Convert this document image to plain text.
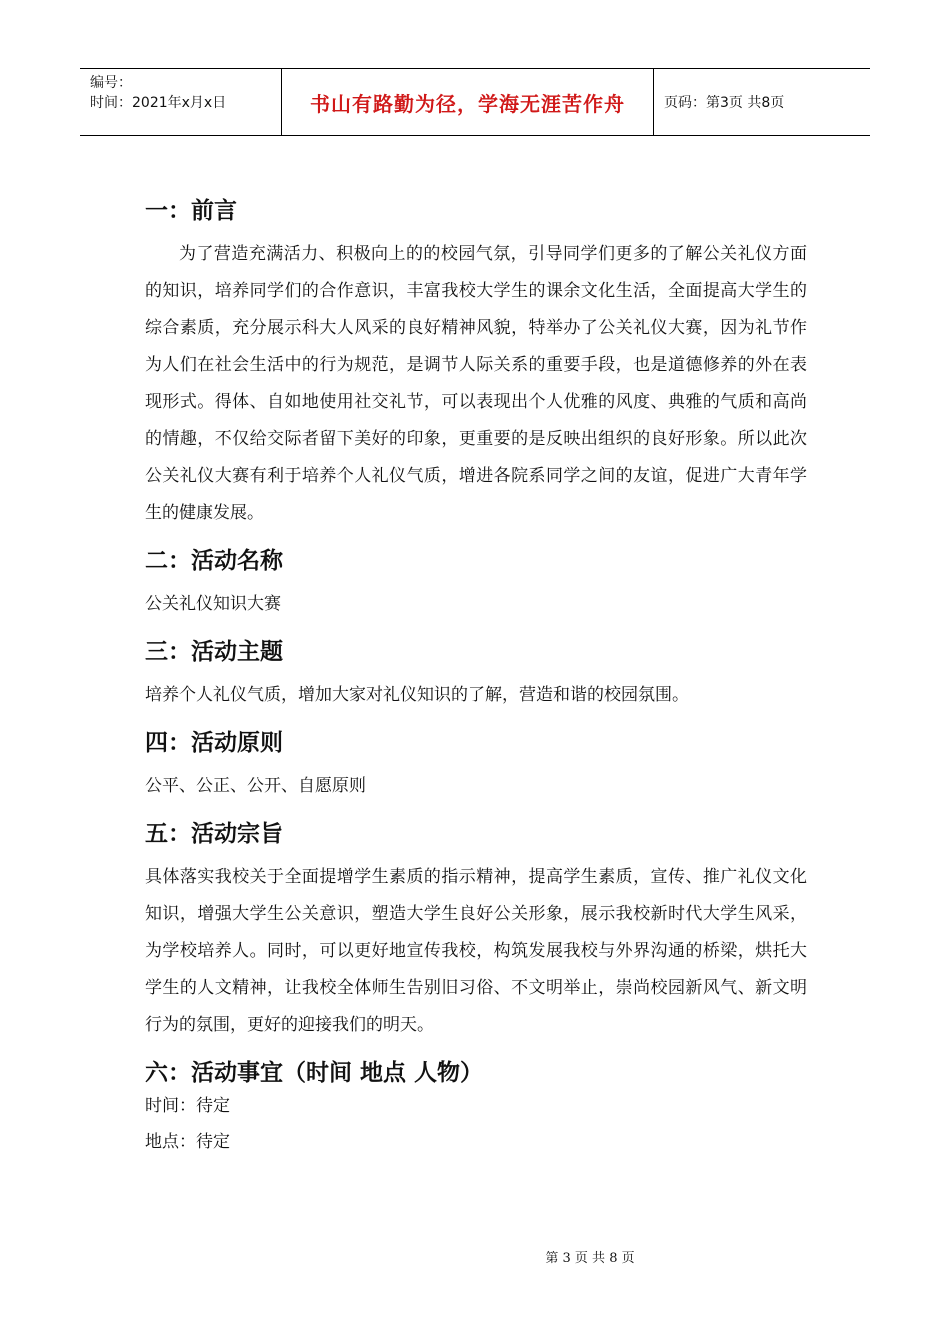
编号：
时间：2021年x月x日	书山有路勤为径，学海无涯苦作舟	页码：第3页 共8页
一：前言

为了营造充满活力、积极向上的的校园气氛，引导同学们更多的了解公关礼仪方面的知识，培养同学们的合作意识，丰富我校大学生的课余文化生活，全面提高大学生的综合素质，充分展示科大人风采的良好精神风貌，特举办了公关礼仪大赛，因为礼节作为人们在社会生活中的行为规范，是调节人际关系的重要手段，也是道德修养的外在表现形式。得体、自如地使用社交礼节，可以表现出个人优雅的风度、典雅的气质和高尚的情趣，不仅给交际者留下美好的印象，更重要的是反映出组织的良好形象。所以此次公关礼仪大赛有利于培养个人礼仪气质，增进各院系同学之间的友谊，促进广大青年学生的健康发展。

二：活动名称

公关礼仪知识大赛

三：活动主题

培养个人礼仪气质，增加大家对礼仪知识的了解，营造和谐的校园氛围。

四：活动原则

公平、公正、公开、自愿原则

五：活动宗旨

具体落实我校关于全面提增学生素质的指示精神，提高学生素质，宣传、推广礼仪文化知识，增强大学生公关意识，塑造大学生良好公关形象，展示我校新时代大学生风采，为学校培养人。同时，可以更好地宣传我校，构筑发展我校与外界沟通的桥梁，烘托大学生的人文精神，让我校全体师生告别旧习俗、不文明举止，崇尚校园新风气、新文明行为的氛围，更好的迎接我们的明天。

六：活动事宜（时间 地点 人物）

时间：待定

地点：待定

第 3 页 共 8 页
